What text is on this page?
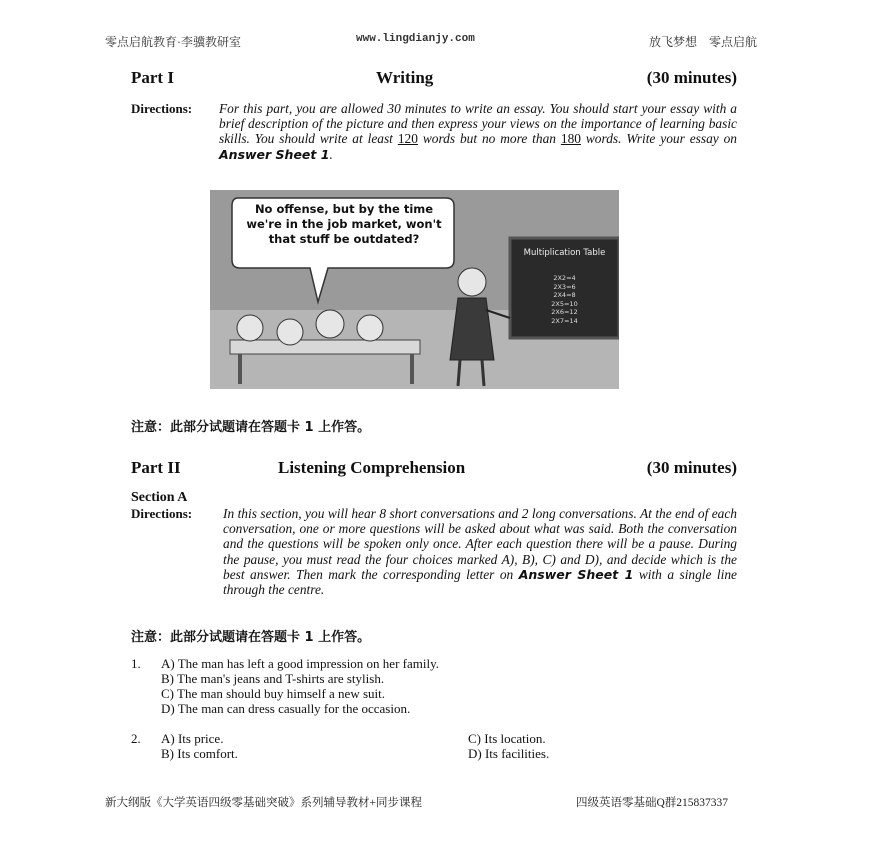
零点启航教育·李骥教研室	www.lingdianjy.com	放飞梦想　零点启航
Part I	Writing	(30 minutes)
Directions: For this part, you are allowed 30 minutes to write an essay. You should start your essay with a brief description of the picture and then express your views on the importance of learning basic skills. You should write at least 120 words but no more than 180 words. Write your essay on Answer Sheet 1.
No offense, but by the time we're in the job market, won't that stuff be outdated?
Multiplication Table
2X2=4
2X3=6
2X4=8
2X5=10
2X6=12
2X7=14
注意：此部分试题请在答题卡 1 上作答。
Part II	Listening Comprehension	(30 minutes)
Section A
Directions: In this section, you will hear 8 short conversations and 2 long conversations. At the end of each conversation, one or more questions will be asked about what was said. Both the conversation and the questions will be spoken only once. After each question there will be a pause. During the pause, you must read the four choices marked A), B), C) and D), and decide which is the best answer. Then mark the corresponding letter on Answer Sheet 1 with a single line through the centre.
注意：此部分试题请在答题卡 1 上作答。
1. A) The man has left a good impression on her family.
B) The man's jeans and T-shirts are stylish.
C) The man should buy himself a new suit.
D) The man can dress casually for the occasion.
2. A) Its price.
B) Its comfort.
C) Its location.
D) Its facilities.
新大纲版《大学英语四级零基础突破》系列辅导教材+同步课程	四级英语零基础Q群215837337
